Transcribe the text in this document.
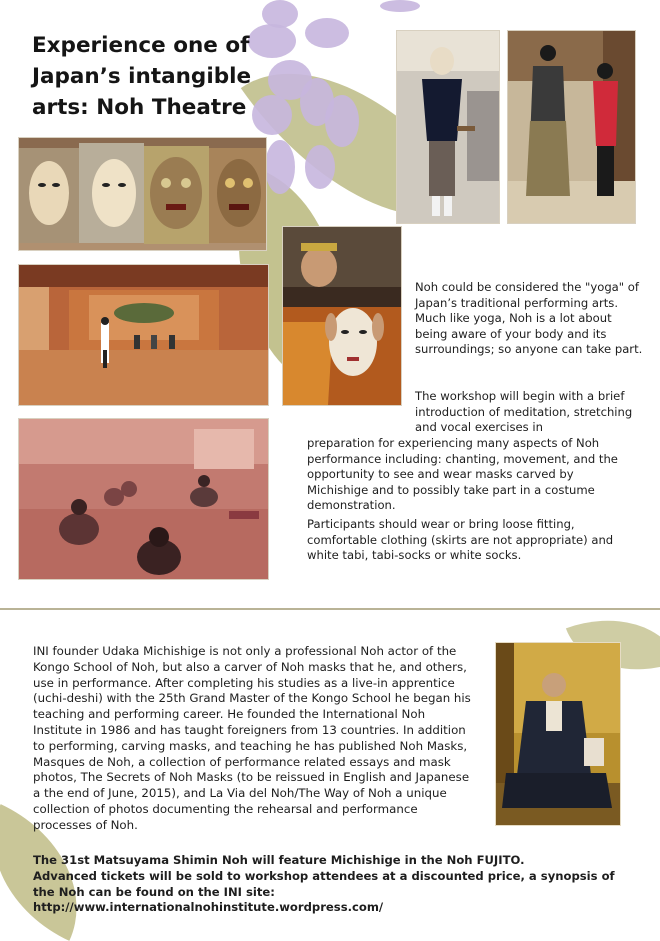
Experience one of Japan’s intangible arts: Noh Theatre

Noh could be considered the "yoga" of Japan’s traditional performing arts. Much like yoga, Noh is a lot about being aware of your body and its surroundings; so anyone can take part.

The workshop will begin with a brief introduction of meditation, stretching and vocal exercises in

preparation for experiencing many aspects of Noh performance including: chanting, movement, and the opportunity to see and wear masks carved by Michishige and to possibly take part in a costume demonstration.

Participants should wear or bring loose fitting, comfortable clothing (skirts are not appropriate) and white tabi, tabi-socks or white socks.

INI founder Udaka Michishige is not only a professional Noh actor of the Kongo School of Noh, but also a carver of Noh masks that he, and others, use in performance. After completing his studies as a live-in apprentice (uchi-deshi) with the 25th Grand Master of the Kongo School he began his teaching and performing career. He founded the International Noh Institute in 1986 and has taught foreigners from 13 countries. In addition to performing, carving masks, and teaching he has published Noh Masks, Masques de Noh, a collection of performance related essays and mask photos, The Secrets of Noh Masks (to be reissued in English and Japanese a the end of June, 2015), and La Via del Noh/The Way of Noh a unique collection of photos documenting the rehearsal and performance processes of Noh.

The 31st Matsuyama Shimin Noh will feature Michishige in the Noh FUJITO.

Advanced tickets will be sold to workshop attendees at a discounted price, a synopsis of the Noh can be found on the INI site: http://www.internationalnohinstitute.wordpress.com/
